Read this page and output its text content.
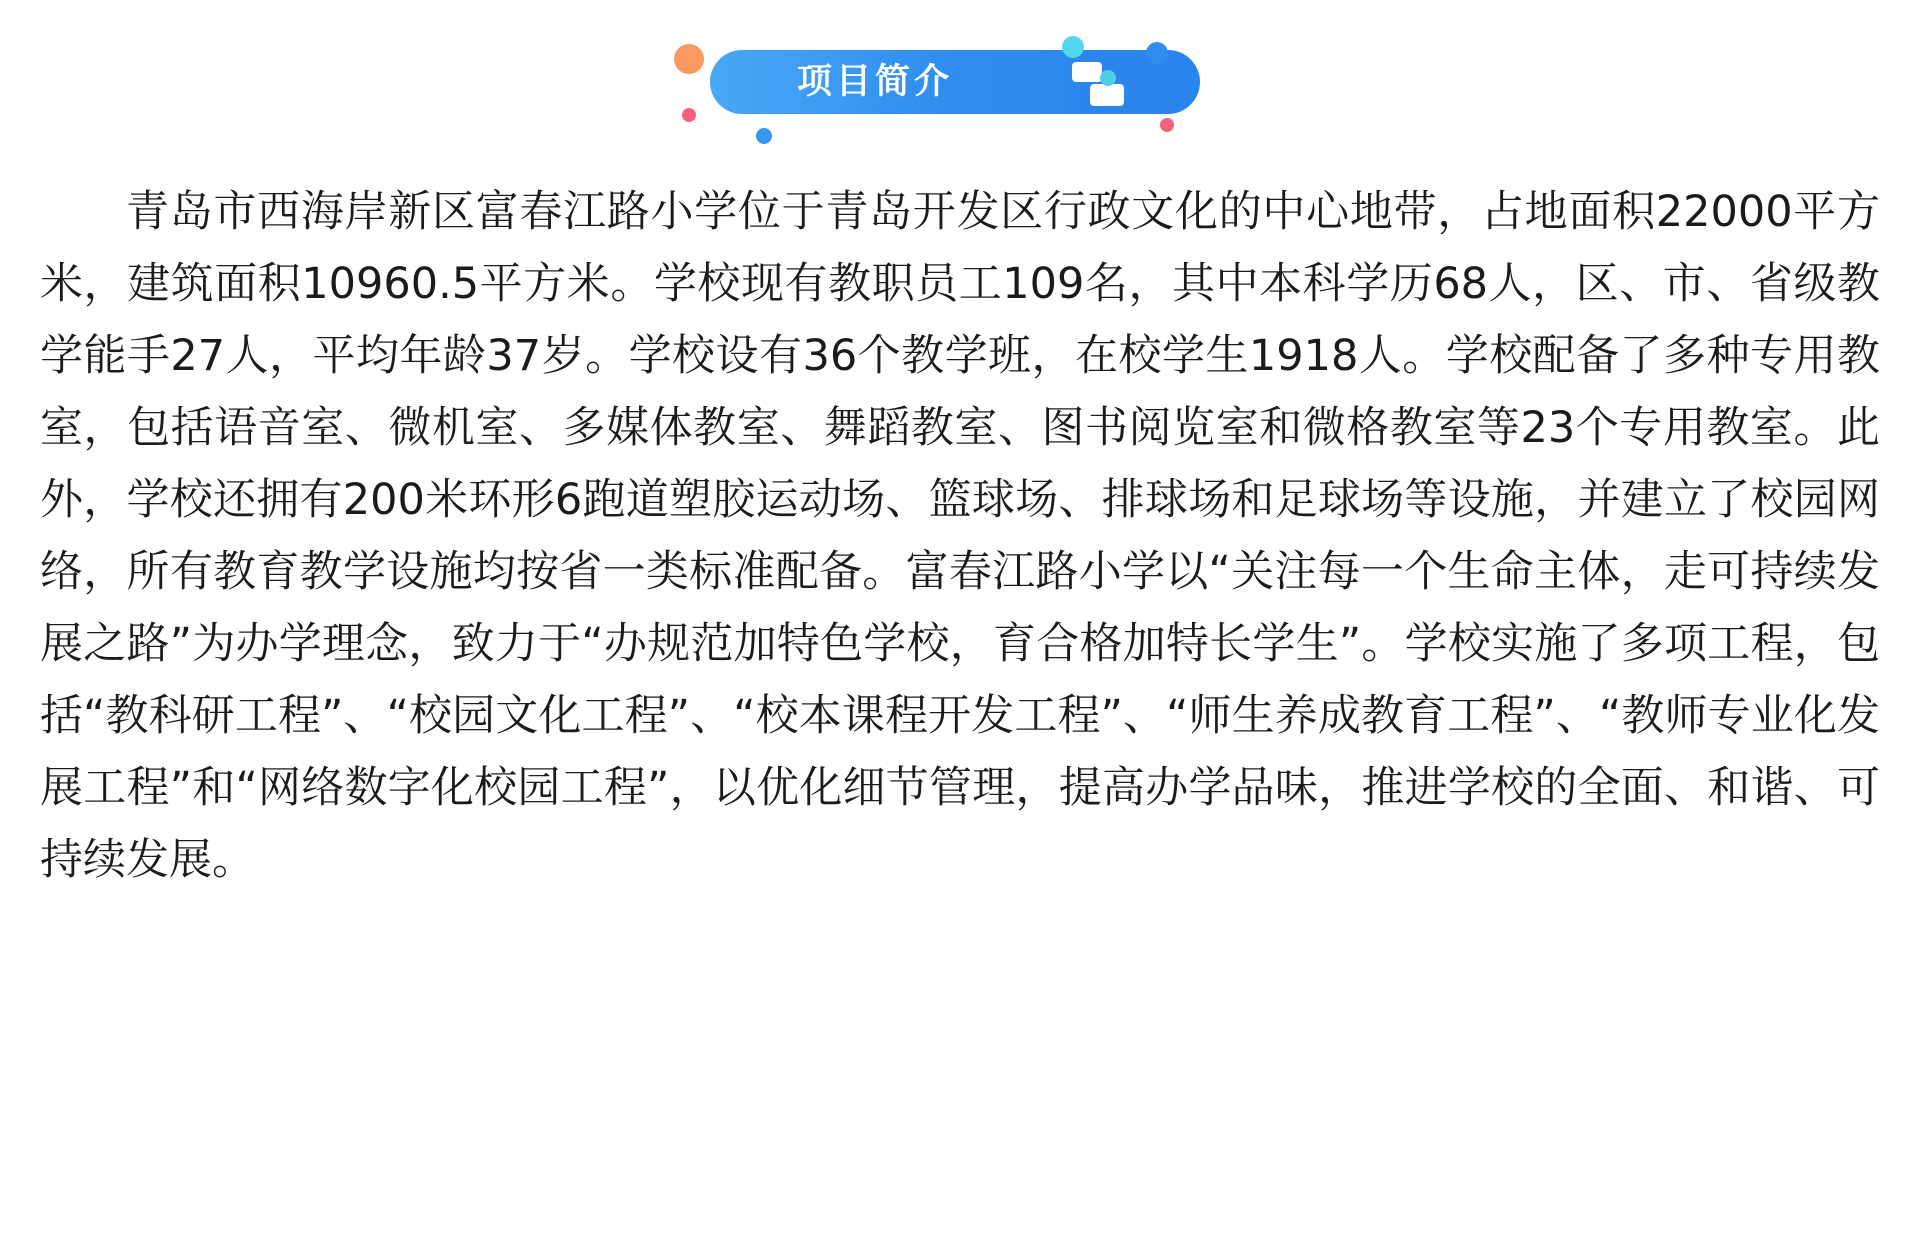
项目简介

青岛市西海岸新区富春江路小学位于青岛开发区行政文化的中心地带，占地面积22000平方米，建筑面积10960.5平方米。学校现有教职员工109名，其中本科学历68人，区、市、省级教学能手27人，平均年龄37岁。学校设有36个教学班，在校学生1918人。学校配备了多种专用教室，包括语音室、微机室、多媒体教室、舞蹈教室、图书阅览室和微格教室等23个专用教室。此外，学校还拥有200米环形6跑道塑胶运动场、篮球场、排球场和足球场等设施，并建立了校园网络，所有教育教学设施均按省一类标准配备。富春江路小学以“关注每一个生命主体，走可持续发展之路”为办学理念，致力于“办规范加特色学校，育合格加特长学生”。学校实施了多项工程，包括“教科研工程”、“校园文化工程”、“校本课程开发工程”、“师生养成教育工程”、“教师专业化发展工程”和“网络数字化校园工程”，以优化细节管理，提高办学品味，推进学校的全面、和谐、可持续发展。
